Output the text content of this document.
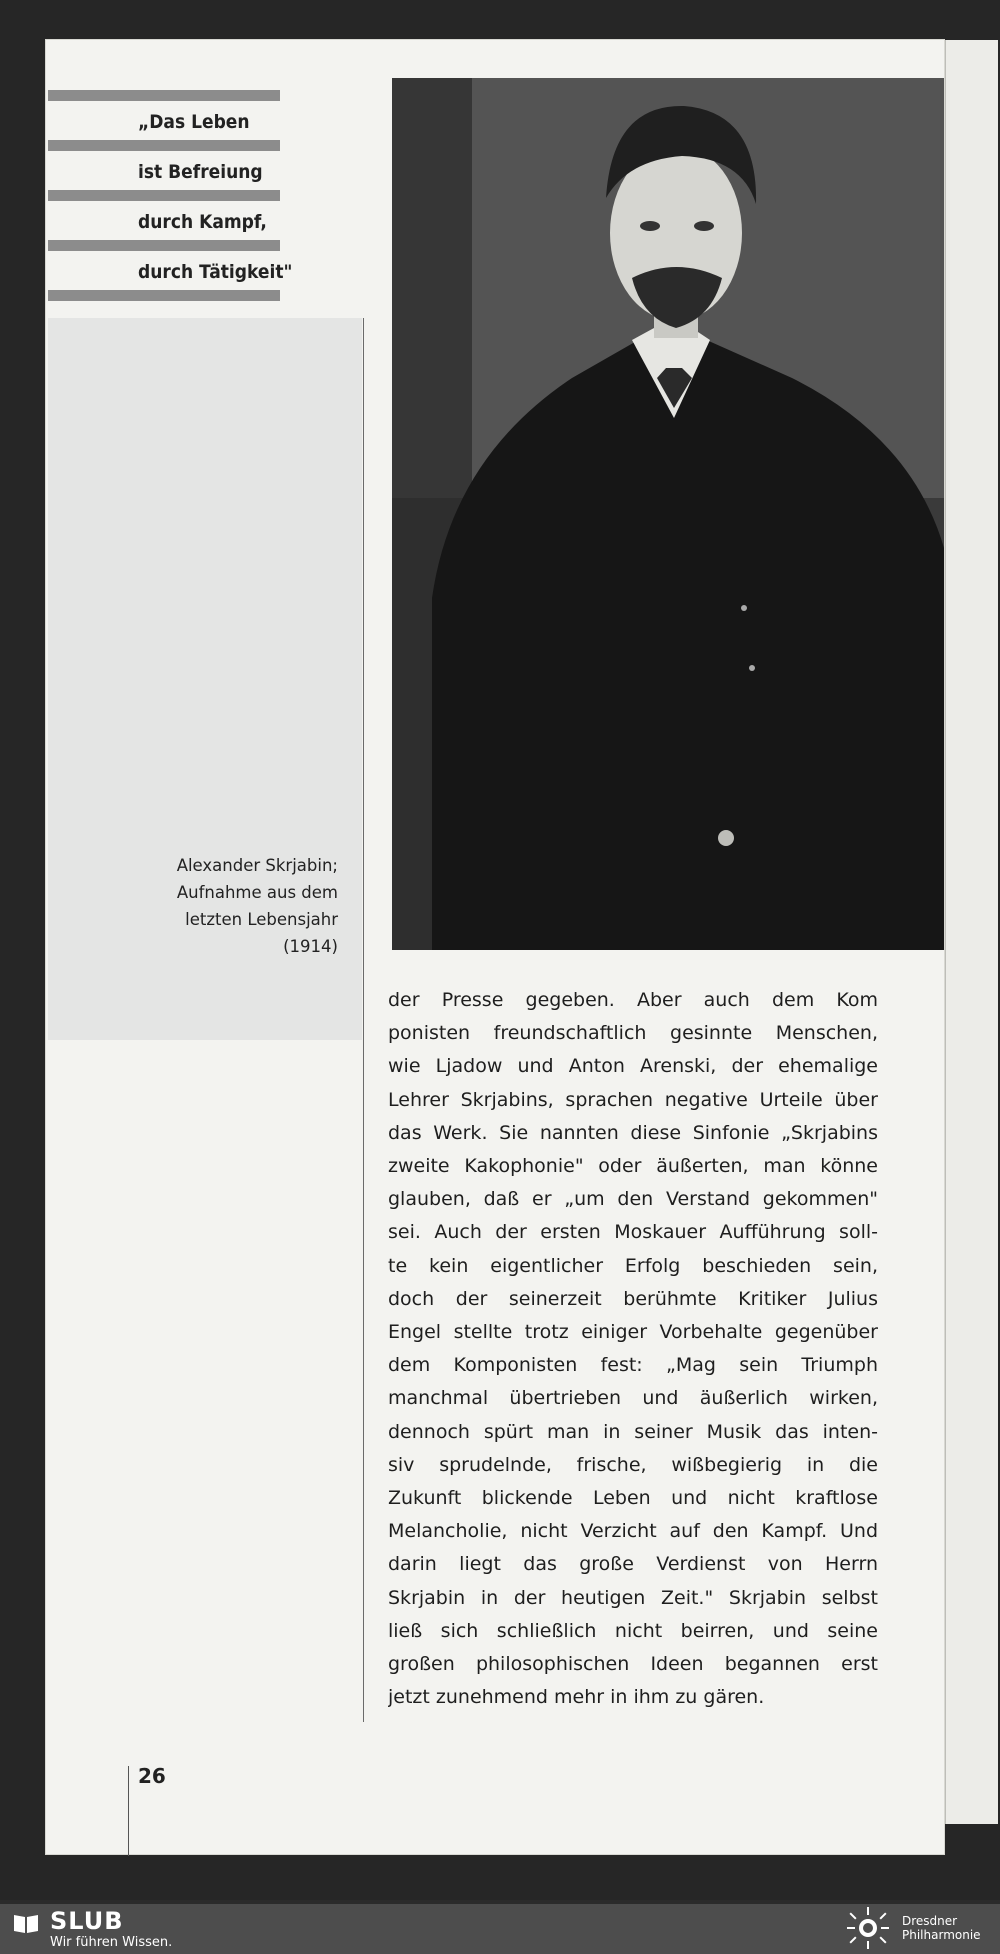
„Das Leben
ist Befreiung
durch Kampf,
durch Tätigkeit"
Alexander Skrjabin;
Aufnahme aus dem
letzten Lebensjahr
(1914)
der Presse gegeben. Aber auch dem Kom
ponisten freundschaftlich gesinnte Menschen,
wie Ljadow und Anton Arenski, der ehemalige
Lehrer Skrjabins, sprachen negative Urteile über
das Werk. Sie nannten diese Sinfonie „Skrjabins
zweite Kakophonie" oder äußerten, man könne
glauben, daß er „um den Verstand gekommen"
sei. Auch der ersten Moskauer Aufführung soll-
te kein eigentlicher Erfolg beschieden sein,
doch der seinerzeit berühmte Kritiker Julius
Engel stellte trotz einiger Vorbehalte gegenüber
dem Komponisten fest: „Mag sein Triumph
manchmal übertrieben und äußerlich wirken,
dennoch spürt man in seiner Musik das inten-
siv sprudelnde, frische, wißbegierig in die
Zukunft blickende Leben und nicht kraftlose
Melancholie, nicht Verzicht auf den Kampf. Und
darin liegt das große Verdienst von Herrn
Skrjabin in der heutigen Zeit." Skrjabin selbst
ließ sich schließlich nicht beirren, und seine
großen philosophischen Ideen begannen erst
jetzt zunehmend mehr in ihm zu gären.
26
SLUB
Wir führen Wissen.
Dresdner
Philharmonie
